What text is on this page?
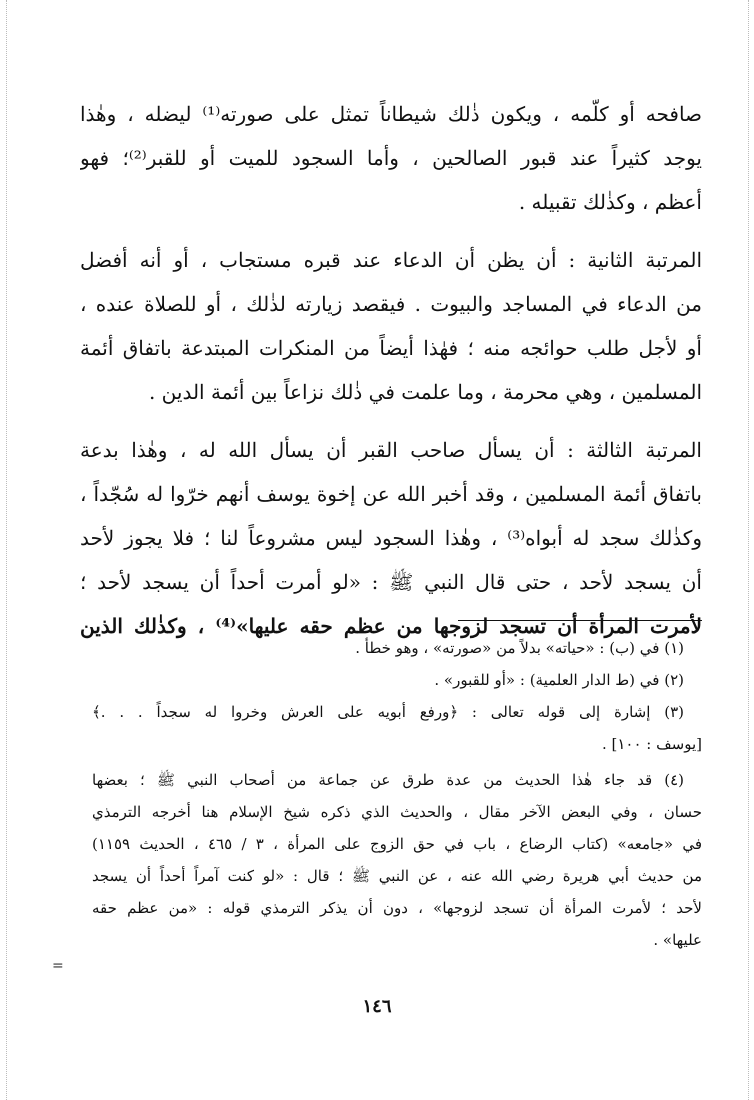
صافحه أو كلّمه ، ويكون ذٰلك شيطاناً تمثل على صورته⁽¹⁾ ليضله ، وهٰذا
يوجد كثيراً عند قبور الصالحين ، وأما السجود للميت أو للقبر⁽²⁾؛ فهو
أعظم ، وكذٰلك تقبيله .
المرتبة الثانية : أن يظن أن الدعاء عند قبره مستجاب ، أو أنه أفضل
من الدعاء في المساجد والبيوت . فيقصد زيارته لذٰلك ، أو للصلاة عنده ،
أو لأجل طلب حوائجه منه ؛ فهٰذا أيضاً من المنكرات المبتدعة باتفاق أئمة
المسلمين ، وهي محرمة ، وما علمت في ذٰلك نزاعاً بين أئمة الدين .
المرتبة الثالثة : أن يسأل صاحب القبر أن يسأل الله له ، وهٰذا بدعة
باتفاق أئمة المسلمين ، وقد أخبر الله عن إخوة يوسف أنهم خرّوا له سُجّداً ،
وكذٰلك سجد له أبواه⁽³⁾ ، وهٰذا السجود ليس مشروعاً لنا ؛ فلا يجوز لأحد
أن يسجد لأحد ، حتى قال النبي ﷺ : «لو أمرت أحداً أن يسجد لأحد ؛
لأمرت المرأة أن تسجد لزوجها من عظم حقه عليها»⁽⁴⁾ ، وكذٰلك الذين
(١) في (ب) : «حياته» بدلاً من «صورته» ، وهو خطأ .
(٢) في (ط الدار العلمية) : «أو للقبور» .
(٣) إشارة إلى قوله تعالى : ﴿ورفع أبويه على العرش وخروا له سجداً . . .﴾
[يوسف : ١٠٠] .
(٤) قد جاء هٰذا الحديث من عدة طرق عن جماعة من أصحاب النبي ﷺ ؛ بعضها
حسان ، وفي البعض الآخر مقال ، والحديث الذي ذكره شيخ الإسلام هنا أخرجه الترمذي
في «جامعه» (كتاب الرضاع ، باب في حق الزوج على المرأة ، ٣ / ٤٦٥ ، الحديث ١١٥٩)
من حديث أبي هريرة رضي الله عنه ، عن النبي ﷺ ؛ قال : «لو كنت آمراً أحداً أن يسجد
لأحد ؛ لأمرت المرأة أن تسجد لزوجها» ، دون أن يذكر الترمذي قوله : «من عظم حقه
عليها» .
=
١٤٦
